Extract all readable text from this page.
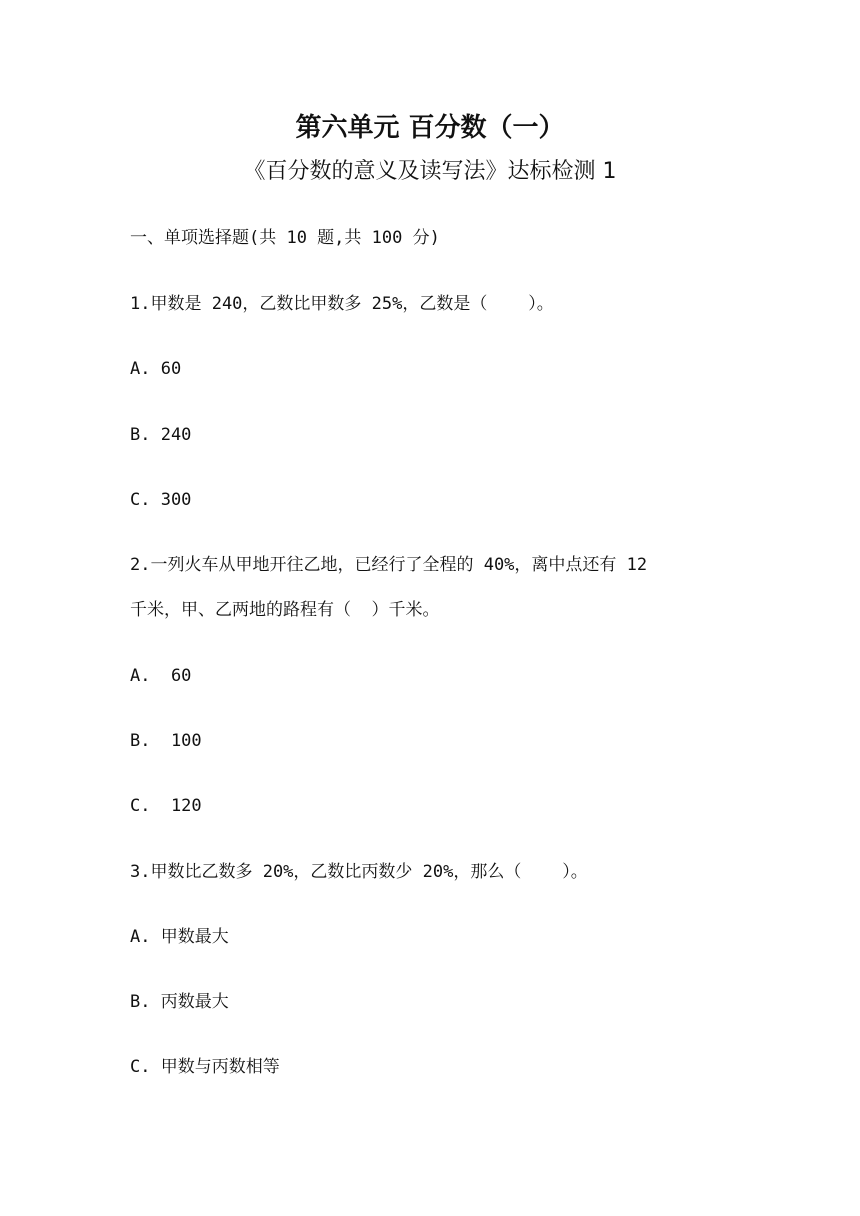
第六单元 百分数（一）
《百分数的意义及读写法》达标检测 1
一、单项选择题(共 10 题,共 100 分)
1.甲数是 240，乙数比甲数多 25%，乙数是（    ）。
A. 60
B. 240
C. 300
2.一列火车从甲地开往乙地，已经行了全程的 40%，离中点还有 12
千米，甲、乙两地的路程有（  ）千米。
A.  60
B.  100
C.  120
3.甲数比乙数多 20%，乙数比丙数少 20%，那么（    ）。
A. 甲数最大
B. 丙数最大
C. 甲数与丙数相等
